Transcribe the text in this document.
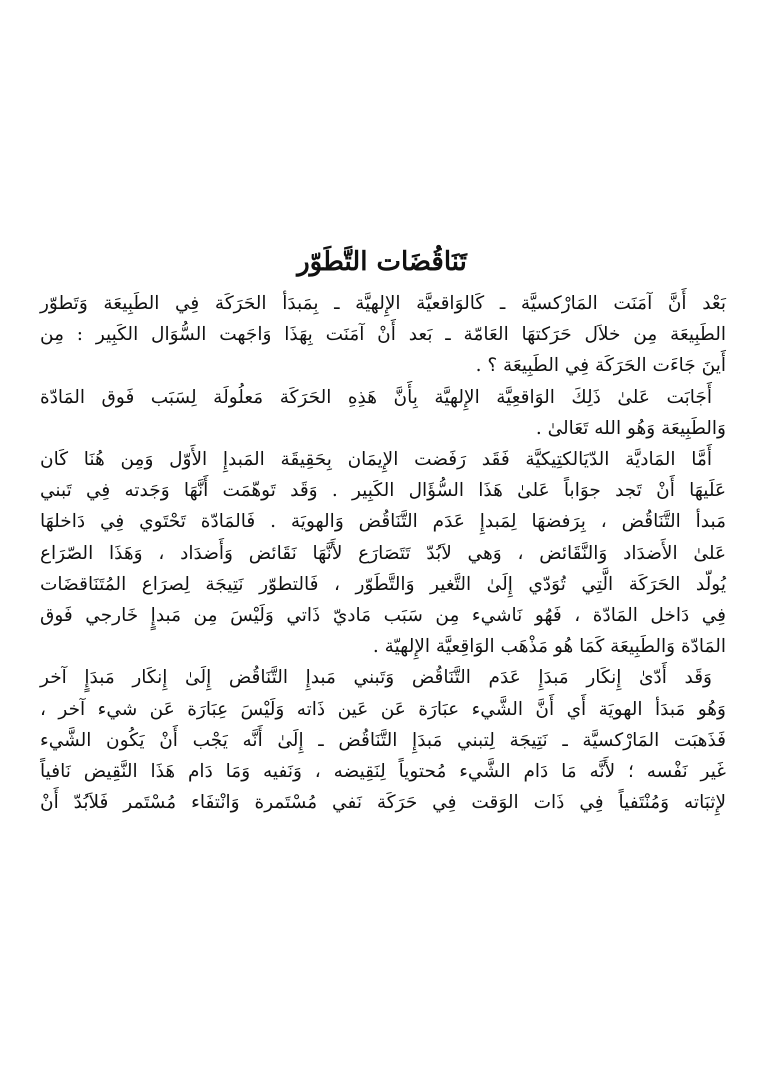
تَنَاقُضَات التَّطَوّر

بَعْد أَنَّ آمَنَت المَارْكسيَّة ـ كَالوَاقعيَّة الإِلهيَّة ـ بِمَبدَأ الحَرَكَة فِي الطَبِيعَة وَتَطوّر
الطَبِيعَة مِن خلاَل حَرَكتهَا العَامّة ـ بَعد أَنْ آمَنَت بِهَذَا وَاجَهت السُّوَال الكَبِير : مِن
أَينَ جَاءَت الحَرَكَة فِي الطَبِيعَة ؟ .

أَجَابَت عَلىٰ ذَلِكَ الوَاقعِيَّة الإِلهيَّة بِأَنَّ هَذِهِ الحَرَكَة مَعلُولَة لِسَبَب فَوق المَادّة
وَالطَبِيعَة وَهُو الله تَعَالىٰ .

أَمَّا المَاديَّة الدّيَالكتِيكيَّة فَقَد رَفَضت الإِيمَان بِحَقِيقَة المَبدإِ الأَوّل وَمِن هُنَا كَان
عَلَيهَا أَنْ تَجد جوَاباً عَلىٰ هَذَا السُّؤَال الكَبِير . وَقَد تَوهّمَت أَنَّهَا وَجَدته فِي تَبني
مَبدأ التَّنَاقُض ، بِرَفضهَا لِمَبدإِ عَدَم التَّنَاقُض وَالهويَة . فَالمَادّة تَحْتَوي فِي دَاخلهَا
عَلىٰ الأَضدَاد وَالنَّقَائض ، وَهي لاَبُدّ تَتَصَارَع لأَنَّهَا نَقَائض وَأَضدَاد ، وَهَذَا الصّرَاع
يُولّد الحَرَكَة الَّتِي تُوَدّي إِلَىٰ التَّغير وَالتَّطَوّر ، فَالتطوّر نَتِيجَة لِصرَاع المُتَنَاقضَات
فِي دَاخل المَادّة ، فَهُو نَاشيء مِن سَبَب مَاديّ ذَاتي وَلَيْسَ مِن مَبدإٍ خَارجي فَوق
المَادّة وَالطَبِيعَة كَمَا هُو مَذْهَب الوَاقِعيَّة الإِلهيّة .

وَقَد أَدّىٰ إِنكَار مَبدَإِ عَدَم التَّنَاقُض وَتَبني مَبدإِ التَّنَاقُض إِلَىٰ إِنكَار مَبدَإٍ آخر
وَهُو مَبدَأ الهويَة أَي أَنَّ الشَّيء عبَارَة عَن عَين ذَاته وَلَيْسَ عِبَارَة عَن شيء آخر ،
فَذَهبَت المَارْكسيَّة ـ نَتِيجَة لِتبني مَبدَإِ التَّنَاقُض ـ إِلَىٰ أَنَّه يَجْب أَنْ يَكُون الشَّيء
غَير نَفْسه ؛ لأَنَّه مَا دَام الشَّيء مُحتوياً لِنَقِيضه ، وَنَفيه وَمَا دَام هَذَا النَّقِيض نَافياً
لإِثبَاته وَمُنْتَفياً فِي ذَات الوَقت فِي حَرَكَة نَفي مُسْتَمرة وَانْتفَاء مُسْتَمر فَلاَبُدّ أَنْ
